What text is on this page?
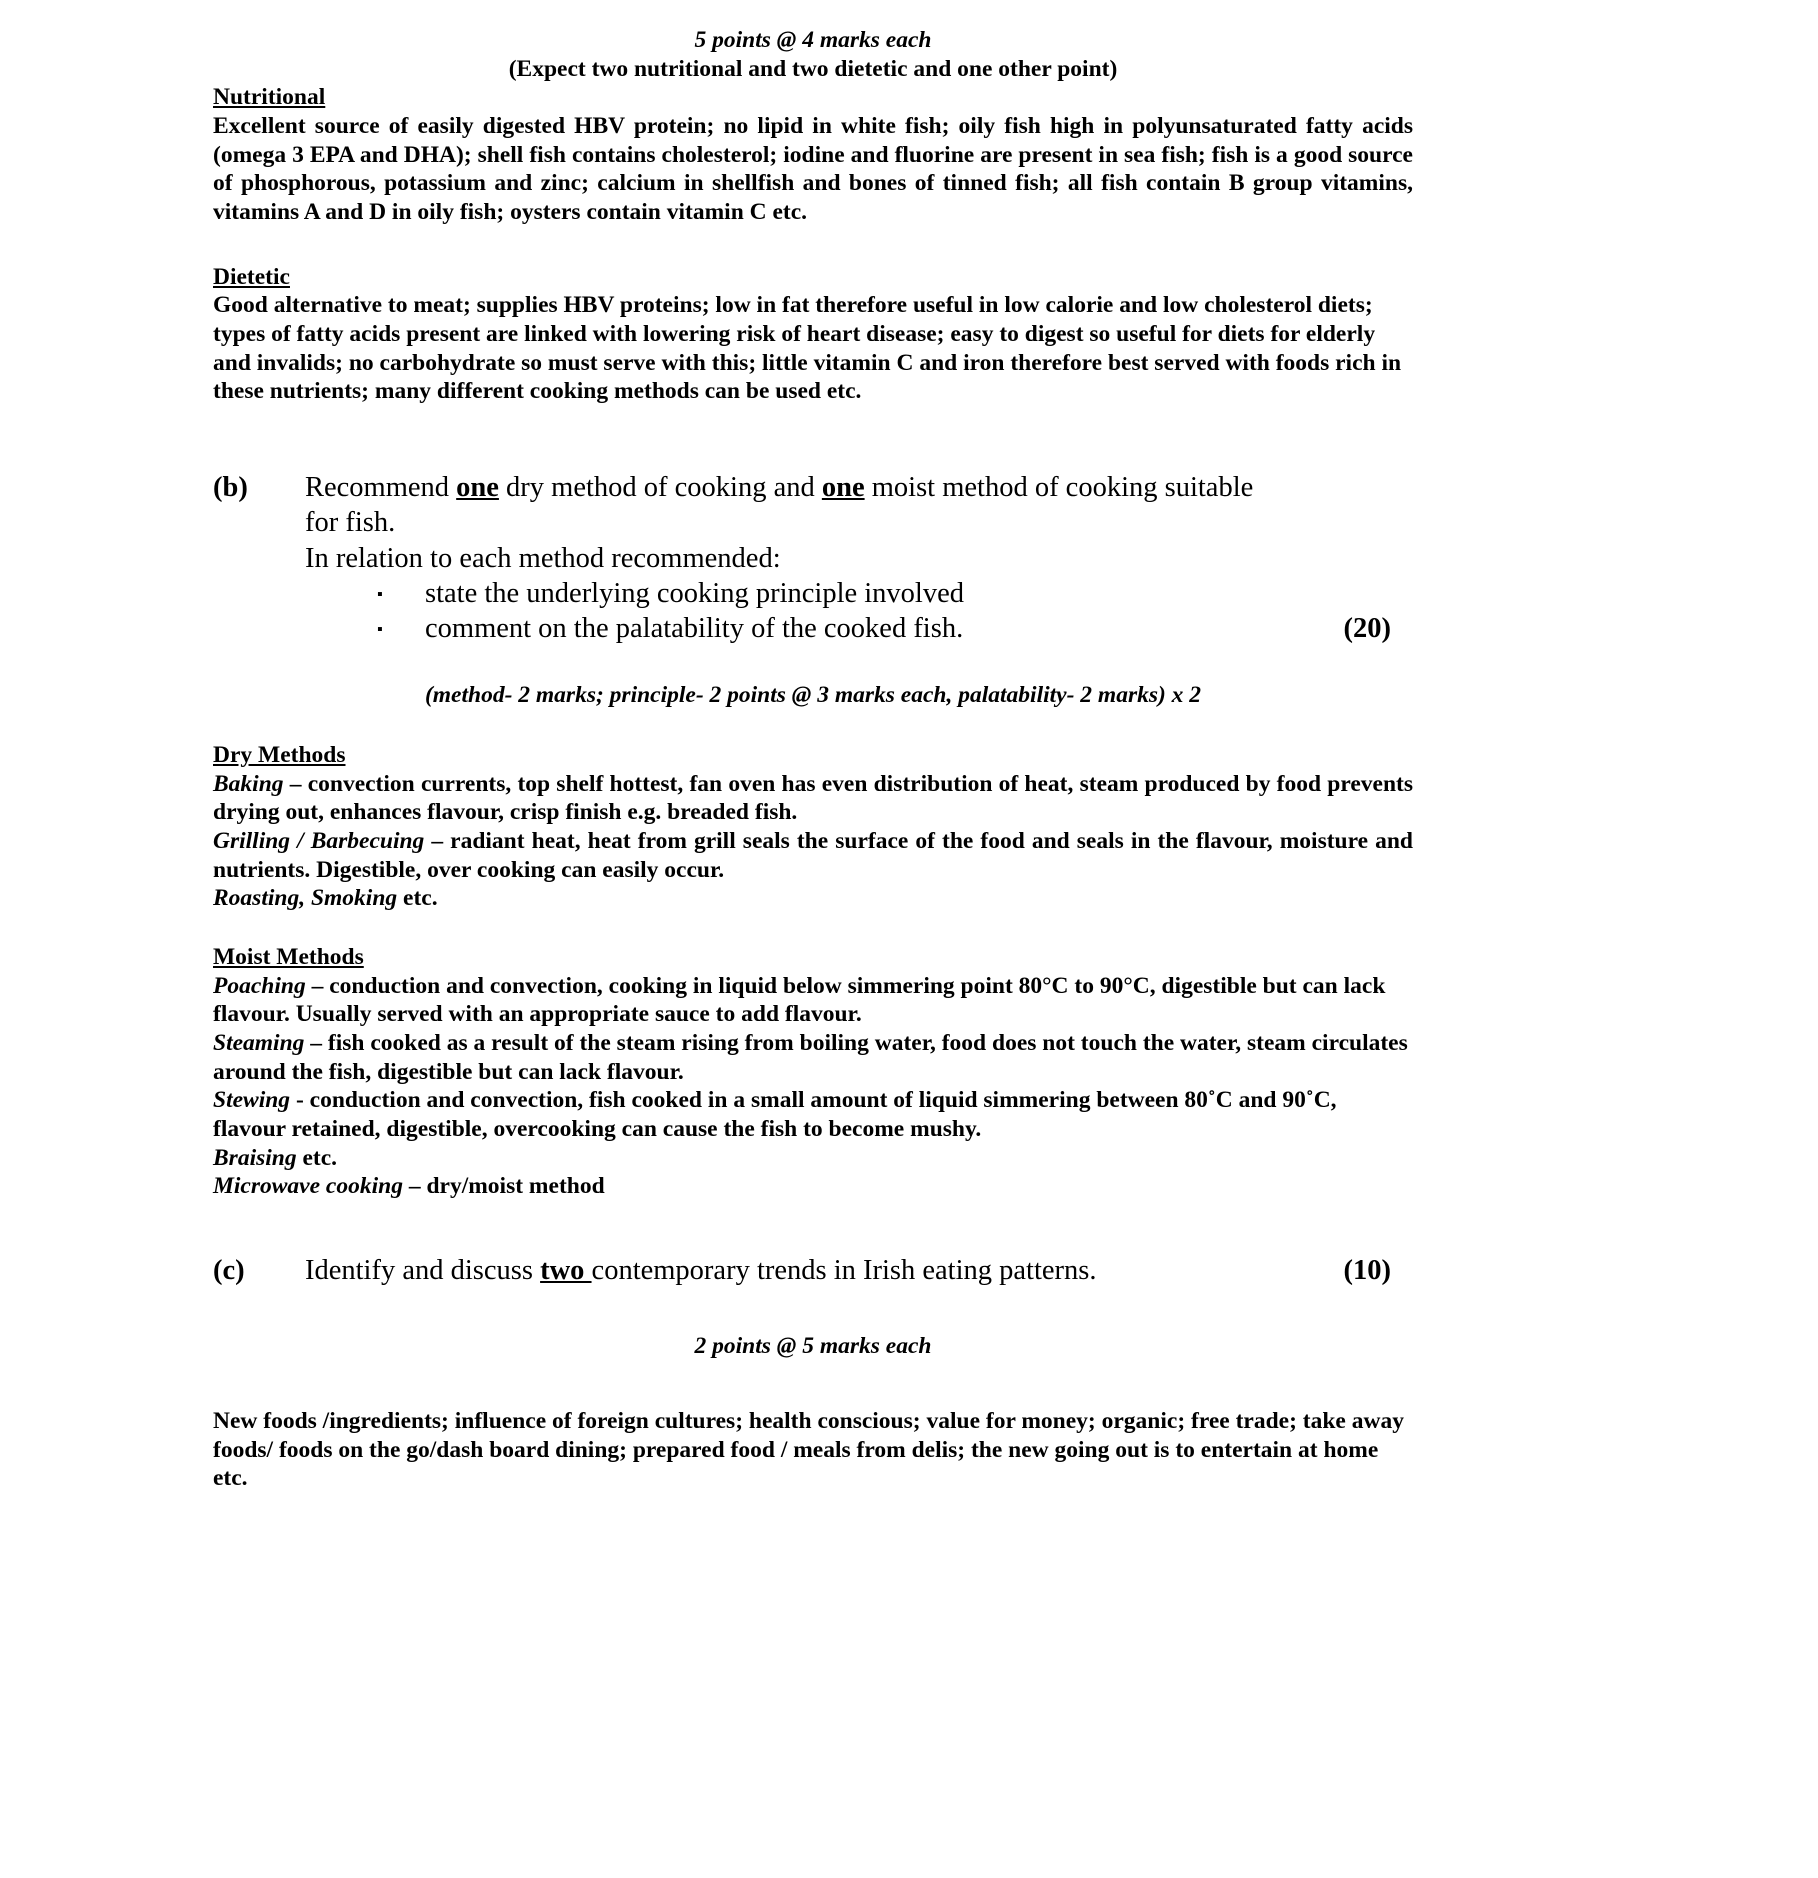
5 points @ 4 marks each
(Expect two nutritional and two dietetic and one other point)
Nutritional
Excellent source of easily digested HBV protein; no lipid in white fish; oily fish high in polyunsaturated fatty acids (omega 3 EPA and DHA); shell fish contains cholesterol; iodine and fluorine are present in sea fish; fish is a good source of phosphorous, potassium and zinc; calcium in shellfish and bones of tinned fish; all fish contain B group vitamins, vitamins A and D in oily fish; oysters contain vitamin C etc.
Dietetic
Good alternative to meat; supplies HBV proteins; low in fat therefore useful in low calorie and low cholesterol diets; types of fatty acids present are linked with lowering risk of heart disease; easy to digest so useful for diets for elderly and invalids; no carbohydrate so must serve with this; little vitamin C and iron therefore best served with foods rich in these nutrients; many different cooking methods can be used etc.
(b)	Recommend one dry method of cooking and one moist method of cooking suitable
for fish.
In relation to each method recommended:
▪	state the underlying cooking principle involved
▪	comment on the palatability of the cooked fish.	(20)
(method- 2 marks; principle- 2 points @ 3 marks each, palatability- 2 marks) x 2
Dry Methods
Baking – convection currents, top shelf hottest, fan oven has even distribution of heat, steam produced by food prevents drying out, enhances flavour, crisp finish e.g. breaded fish.
Grilling / Barbecuing – radiant heat, heat from grill seals the surface of the food and seals in the flavour, moisture and nutrients. Digestible, over cooking can easily occur.
Roasting, Smoking etc.
Moist Methods
Poaching – conduction and convection, cooking in liquid below simmering point 80°C to 90°C, digestible but can lack flavour. Usually served with an appropriate sauce to add flavour.
Steaming – fish cooked as a result of the steam rising from boiling water, food does not touch the water, steam circulates around the fish, digestible but can lack flavour.
Stewing - conduction and convection, fish cooked in a small amount of liquid simmering between 80˚C and 90˚C, flavour retained, digestible, overcooking can cause the fish to become mushy.
Braising etc.
Microwave cooking – dry/moist method
(c)	Identify and discuss two contemporary trends in Irish eating patterns.	(10)
2 points @ 5 marks each
New foods /ingredients; influence of foreign cultures; health conscious; value for money; organic; free trade; take away foods/ foods on the go/dash board dining; prepared food / meals from delis; the new going out is to entertain at home etc.
